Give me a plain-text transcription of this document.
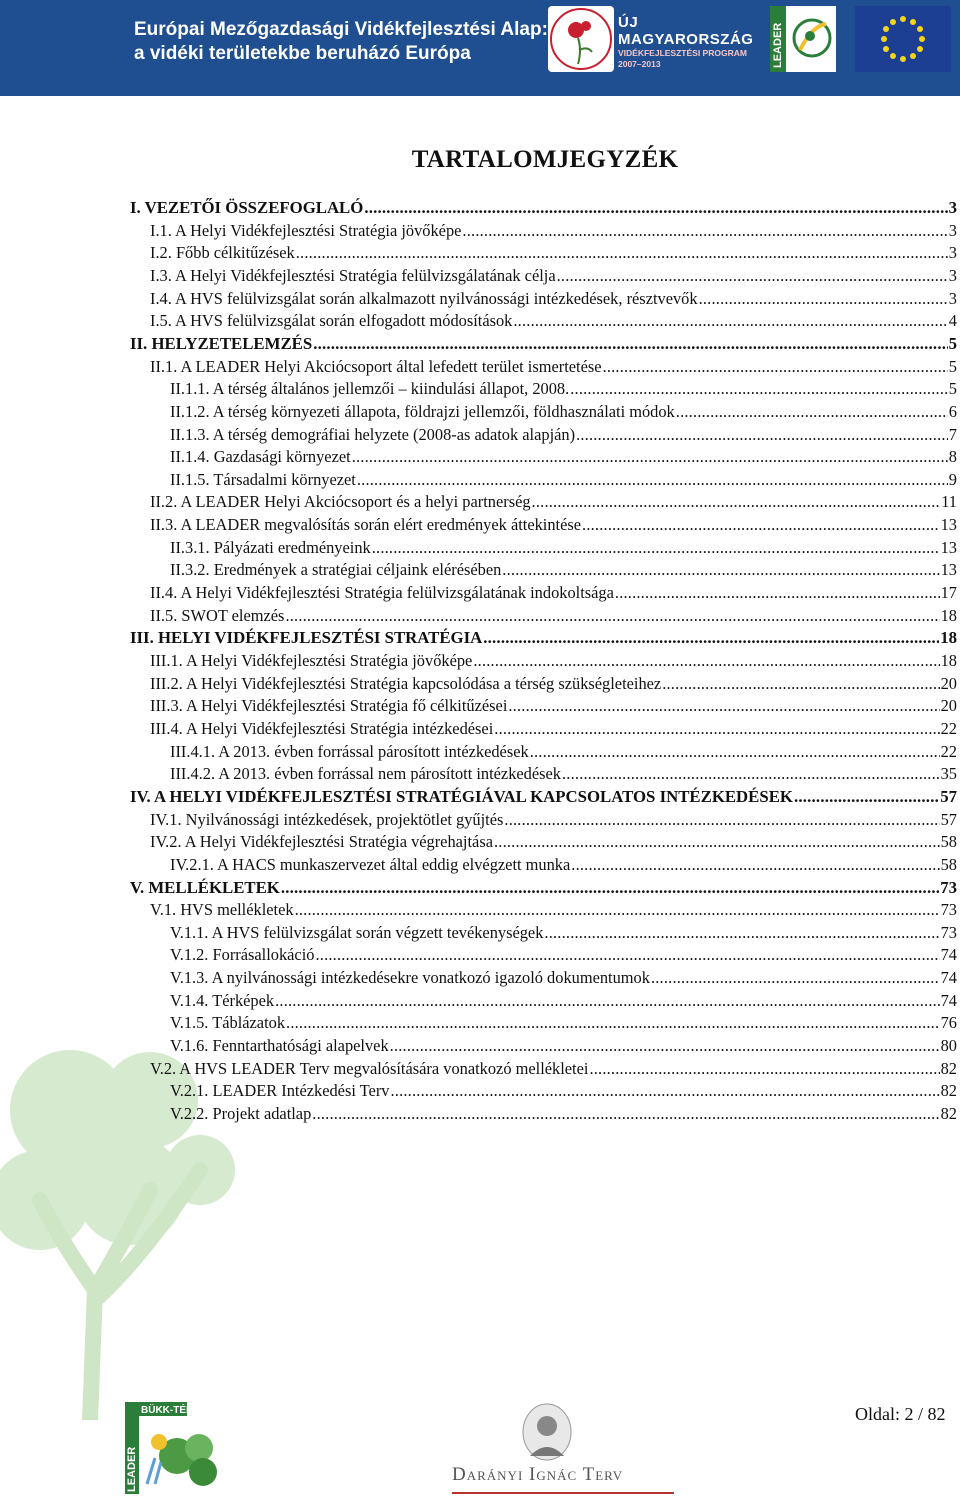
Európai Mezőgazdasági Vidékfejlesztési Alap:
a vidéki területekbe beruházó Európa
ÚJ MAGYARORSZÁG
VIDÉKFEJLESZTÉSI PROGRAM
2007–2013	LEADER
TARTALOMJEGYZÉK
I. VEZETŐI ÖSSZEFOGLALÓ .....	3
I.1. A Helyi Vidékfejlesztési Stratégia jövőképe .....	3
I.2. Főbb célkitűzések .....	3
I.3. A Helyi Vidékfejlesztési Stratégia felülvizsgálatának célja .....	3
I.4. A HVS felülvizsgálat során alkalmazott nyilvánossági intézkedések, résztvevők .....	3
I.5. A HVS felülvizsgálat során elfogadott módosítások .....	4
II. HELYZETELEMZÉS .....	5
II.1. A LEADER Helyi Akciócsoport által lefedett terület ismertetése .....	5
II.1.1. A térség általános jellemzői – kiindulási állapot, 2008. .....	5
II.1.2. A térség környezeti állapota, földrajzi jellemzői, földhasználati módok .....	6
II.1.3. A térség demográfiai helyzete (2008-as adatok alapján) .....	7
II.1.4. Gazdasági környezet .....	8
II.1.5. Társadalmi környezet .....	9
II.2. A LEADER Helyi Akciócsoport és a helyi partnerség .....	11
II.3. A LEADER megvalósítás során elért eredmények áttekintése .....	13
II.3.1. Pályázati eredményeink .....	13
II.3.2. Eredmények a stratégiai céljaink elérésében .....	13
II.4. A Helyi Vidékfejlesztési Stratégia felülvizsgálatának indokoltsága .....	17
II.5. SWOT elemzés .....	18
III. HELYI VIDÉKFEJLESZTÉSI STRATÉGIA .....	18
III.1. A Helyi Vidékfejlesztési Stratégia jövőképe .....	18
III.2. A Helyi Vidékfejlesztési Stratégia kapcsolódása a térség szükségleteihez .....	20
III.3. A Helyi Vidékfejlesztési Stratégia fő célkitűzései .....	20
III.4. A Helyi Vidékfejlesztési Stratégia intézkedései .....	22
III.4.1. A 2013. évben forrással párosított intézkedések .....	22
III.4.2. A 2013. évben forrással nem párosított intézkedések .....	35
IV. A HELYI VIDÉKFEJLESZTÉSI STRATÉGIÁVAL KAPCSOLATOS INTÉZKEDÉSEK .....	57
IV.1. Nyilvánossági intézkedések, projektötlet gyűjtés .....	57
IV.2. A Helyi Vidékfejlesztési Stratégia végrehajtása .....	58
IV.2.1. A HACS munkaszervezet által eddig elvégzett munka .....	58
V. MELLÉKLETEK .....	73
V.1. HVS mellékletek .....	73
V.1.1. A HVS felülvizsgálat során végzett tevékenységek .....	73
V.1.2. Forrásallokáció .....	74
V.1.3. A nyilvánossági intézkedésekre vonatkozó igazoló dokumentumok .....	74
V.1.4. Térképek .....	74
V.1.5. Táblázatok .....	76
V.1.6. Fenntarthatósági alapelvek .....	80
V.2. A HVS LEADER Terv megvalósítására vonatkozó mellékletei .....	82
V.2.1. LEADER Intézkedési Terv .....	82
V.2.2. Projekt adatlap .....	82
LEADER
BÜKK-TÉRSÉGI
Darányi Ignác Terv
Oldal: 2 / 82
